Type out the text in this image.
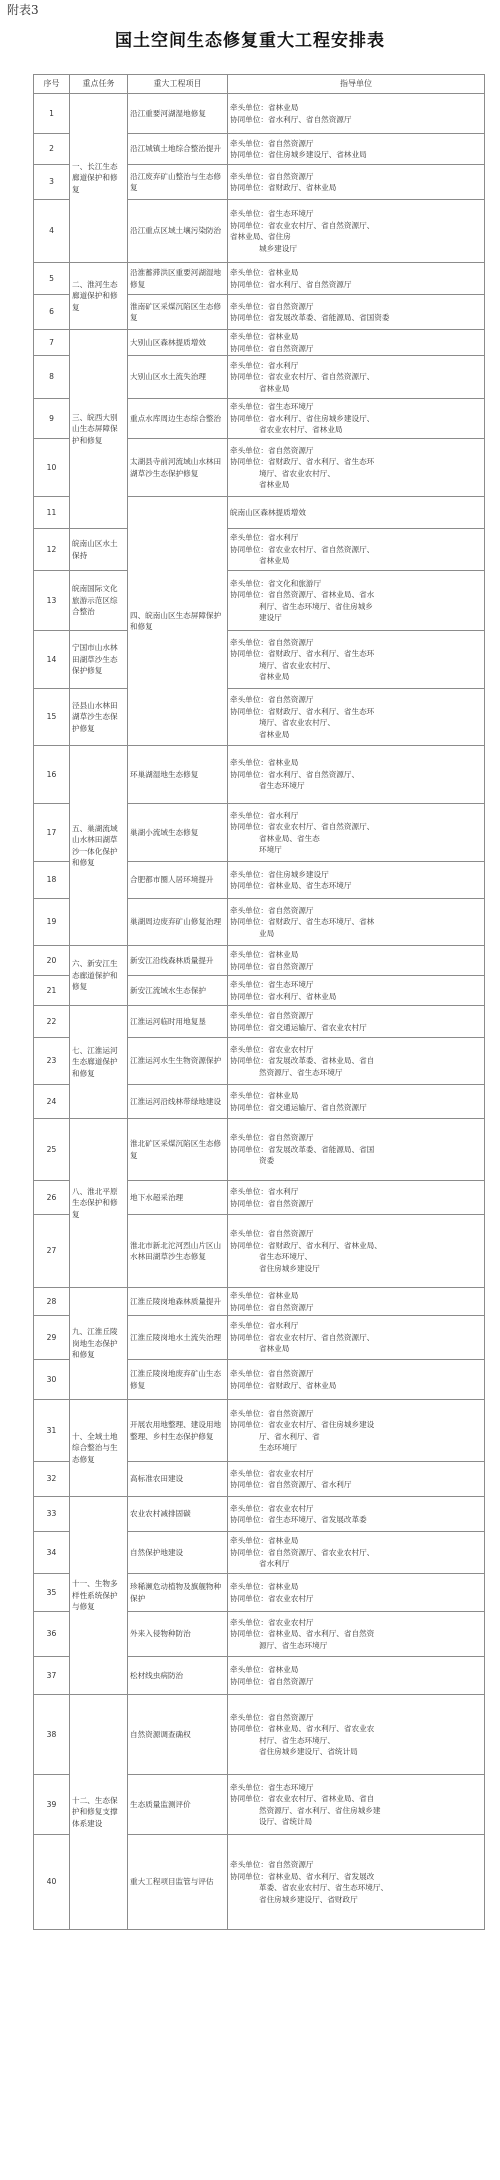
附表3
国土空间生态修复重大工程安排表
序号	重点任务	重大工程项目	指导单位	
1	一、长江生态廊道保护和修复	沿江重要河湖湿地修复	牵头单位：省林业局
协同单位：省水利厅、省自然资源厅	

2		沿江城镇土地综合整治提升	牵头单位：省自然资源厅
协同单位：省住房城乡建设厅、省林业局	

3		沿江废弃矿山整治与生态修复	牵头单位：省自然资源厅
协同单位：省财政厅、省林业局	

4		沿江重点区域土壤污染防治	牵头单位：省生态环境厅
协同单位：省农业农村厅、省自然资源厅、
省林业局、省住房
城乡建设厅	

5	二、淮河生态廊道保护和修复	沿淮蓄滞洪区重要河湖湿地修复	牵头单位：省林业局
协同单位：省水利厅、省自然资源厅	

6		淮南矿区采煤沉陷区生态修复	牵头单位：省自然资源厅
协同单位：省发展改革委、省能源局、省国资委	

7	三、皖西大别山生态屏障保护和修复	大别山区森林提质增效	牵头单位：省林业局
协同单位：省自然资源厅	

8		大别山区水土流失治理	牵头单位：省水利厅
协同单位：省农业农村厅、省自然资源厅、
省林业局	

9		重点水库周边生态综合整治	牵头单位：省生态环境厅
协同单位：省水利厅、省住房城乡建设厅、
省农业农村厅、省林业局	

10		太湖县寺前河流域山水林田湖草沙生态保护修复	牵头单位：省自然资源厅
协同单位：省财政厅、省水利厅、省生态环
境厅、省农业农村厅、
省林业局	

11		四、皖南山区生态屏障保护和修复	皖南山区森林提质增效	

12	皖南山区水土保持		牵头单位：省水利厅
协同单位：省农业农村厅、省自然资源厅、
省林业局	

13	皖南国际文化旅游示范区综合整治		牵头单位：省文化和旅游厅
协同单位：省自然资源厅、省林业局、省水
利厅、省生态环境厅、省住房城乡
建设厅	

14	宁国市山水林田湖草沙生态保护修复		牵头单位：省自然资源厅
协同单位：省财政厅、省水利厅、省生态环
境厅、省农业农村厅、
省林业局	

15	泾县山水林田湖草沙生态保护修复		牵头单位：省自然资源厅
协同单位：省财政厅、省水利厅、省生态环
境厅、省农业农村厅、
省林业局	

16	五、巢湖流域山水林田湖草沙一体化保护和修复	环巢湖湿地生态修复	牵头单位：省林业局
协同单位：省水利厅、省自然资源厅、
省生态环境厅	

17		巢湖小流域生态修复	牵头单位：省水利厅
协同单位：省农业农村厅、省自然资源厅、
省林业局、省生态
环境厅	

18		合肥都市圈人居环境提升	牵头单位：省住房城乡建设厅
协同单位：省林业局、省生态环境厅	

19		巢湖周边废弃矿山修复治理	牵头单位：省自然资源厅
协同单位：省财政厅、省生态环境厅、省林
业局	

20	六、新安江生态廊道保护和修复	新安江沿线森林质量提升	牵头单位：省林业局
协同单位：省自然资源厅	

21		新安江流域水生态保护	牵头单位：省生态环境厅
协同单位：省水利厅、省林业局	

22	七、江淮运河生态廊道保护和修复	江淮运河临时用地复垦	牵头单位：省自然资源厅
协同单位：省交通运输厅、省农业农村厅	

23		江淮运河水生生物资源保护	牵头单位：省农业农村厅
协同单位：省发展改革委、省林业局、省自
然资源厅、省生态环境厅	

24		江淮运河沿线林带绿地建设	牵头单位：省林业局
协同单位：省交通运输厅、省自然资源厅	

25	八、淮北平原生态保护和修复	淮北矿区采煤沉陷区生态修复	牵头单位：省自然资源厅
协同单位：省发展改革委、省能源局、省国
资委	

26		地下水超采治理	牵头单位：省水利厅
协同单位：省自然资源厅	

27		淮北市新北沱河烈山片区山水林田湖草沙生态修复	牵头单位：省自然资源厅
协同单位：省财政厅、省水利厅、省林业局、
省生态环境厅、
省住房城乡建设厅	

28	九、江淮丘陵岗地生态保护和修复	江淮丘陵岗地森林质量提升	牵头单位：省林业局
协同单位：省自然资源厅	

29		江淮丘陵岗地水土流失治理	牵头单位：省水利厅
协同单位：省农业农村厅、省自然资源厅、
省林业局	

30		江淮丘陵岗地废弃矿山生态修复	牵头单位：省自然资源厅
协同单位：省财政厅、省林业局	

31	十、全域土地综合整治与生态修复	开展农用地整理、建设用地整理、乡村生态保护修复	牵头单位：省自然资源厅
协同单位：省农业农村厅、省住房城乡建设
厅、省水利厅、省
生态环境厅	

32		高标准农田建设	牵头单位：省农业农村厅
协同单位：省自然资源厅、省水利厅	

33	十一、生物多样性系统保护与修复	农业农村减排固碳	牵头单位：省农业农村厅
协同单位：省生态环境厅、省发展改革委	

34		自然保护地建设	牵头单位：省林业局
协同单位：省自然资源厅、省农业农村厅、
省水利厅	

35		珍稀濒危动植物及旗舰物种保护	牵头单位：省林业局
协同单位：省农业农村厅	

36		外来入侵物种防治	牵头单位：省农业农村厅
协同单位：省林业局、省水利厅、省自然资
源厅、省生态环境厅	

37		松材线虫病防治	牵头单位：省林业局
协同单位：省自然资源厅	

38	十二、生态保护和修复支撑体系建设	自然资源调查确权	牵头单位：省自然资源厅
协同单位：省林业局、省水利厅、省农业农
村厅、省生态环境厅、
省住房城乡建设厅、省统计局	

39		生态质量监测评价	牵头单位：省生态环境厅
协同单位：省农业农村厅、省林业局、省自
然资源厅、省水利厅、省住房城乡建
设厅、省统计局	

40		重大工程项目监管与评估	牵头单位：省自然资源厅
协同单位：省林业局、省水利厅、省发展改
革委、省农业农村厅、省生态环境厅、
省住房城乡建设厅、省财政厅	
